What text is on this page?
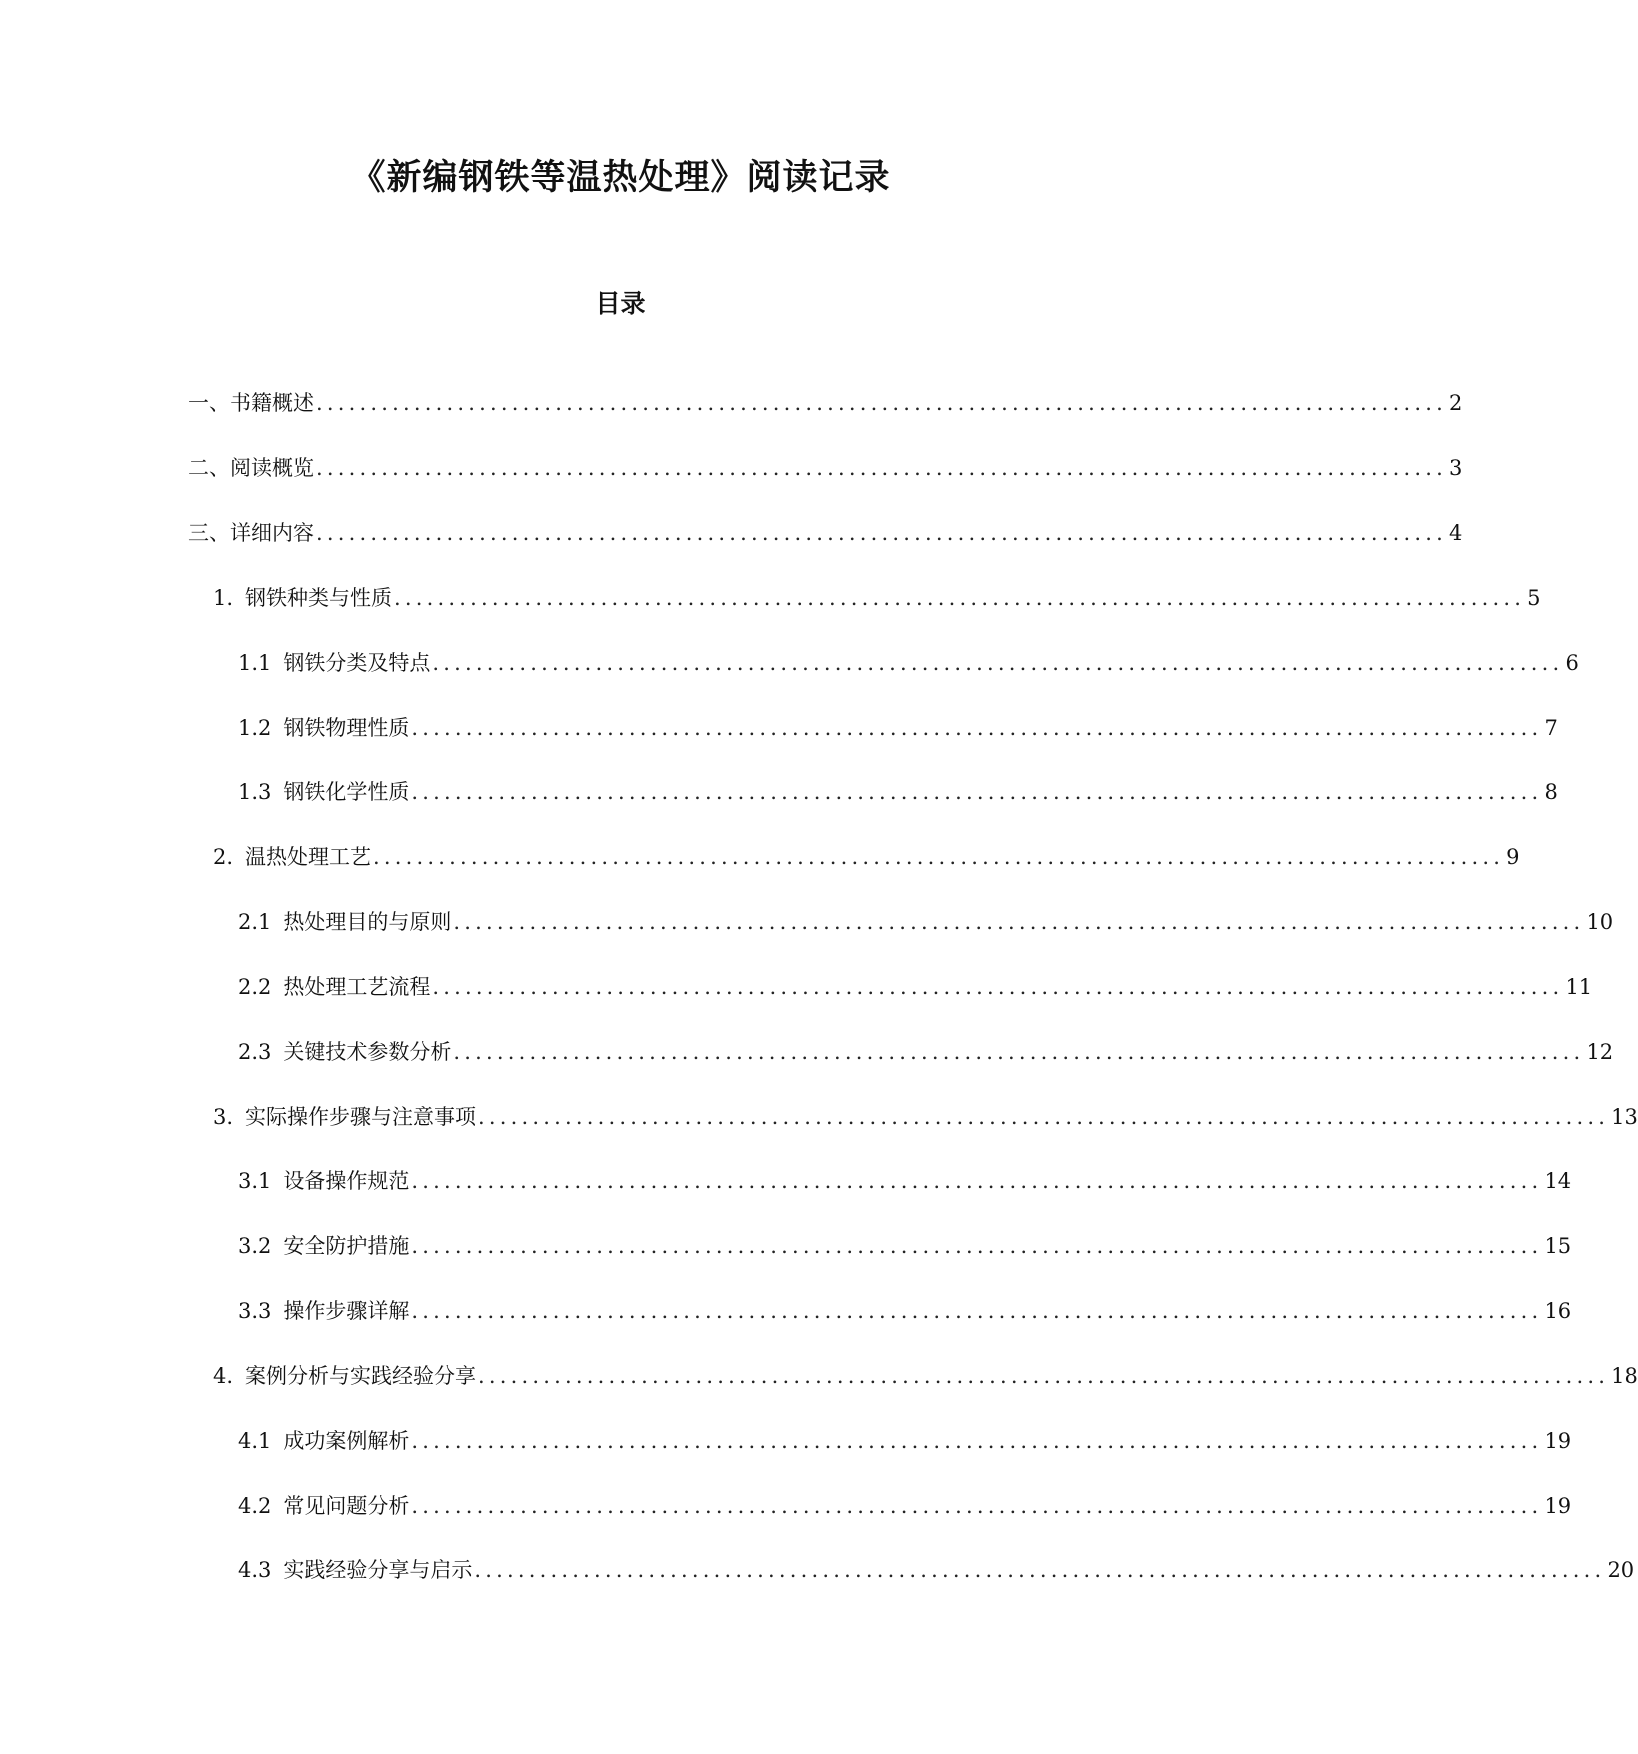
《新编钢铁等温热处理》阅读记录
目录
一、书籍概述 ........................................................................................................ 2
二、阅读概览 ........................................................................................................ 3
三、详细内容 ........................................................................................................ 4
1. 钢铁种类与性质 ........................................................................................................ 5
1.1 钢铁分类及特点 ........................................................................................................ 6
1.2 钢铁物理性质 ........................................................................................................ 7
1.3 钢铁化学性质 ........................................................................................................ 8
2. 温热处理工艺 ........................................................................................................ 9
2.1 热处理目的与原则 ........................................................................................................ 10
2.2 热处理工艺流程 ........................................................................................................ 11
2.3 关键技术参数分析 ........................................................................................................ 12
3. 实际操作步骤与注意事项 ........................................................................................................ 13
3.1 设备操作规范 ........................................................................................................ 14
3.2 安全防护措施 ........................................................................................................ 15
3.3 操作步骤详解 ........................................................................................................ 16
4. 案例分析与实践经验分享 ........................................................................................................ 18
4.1 成功案例解析 ........................................................................................................ 19
4.2 常见问题分析 ........................................................................................................ 19
4.3 实践经验分享与启示 ........................................................................................................ 20
